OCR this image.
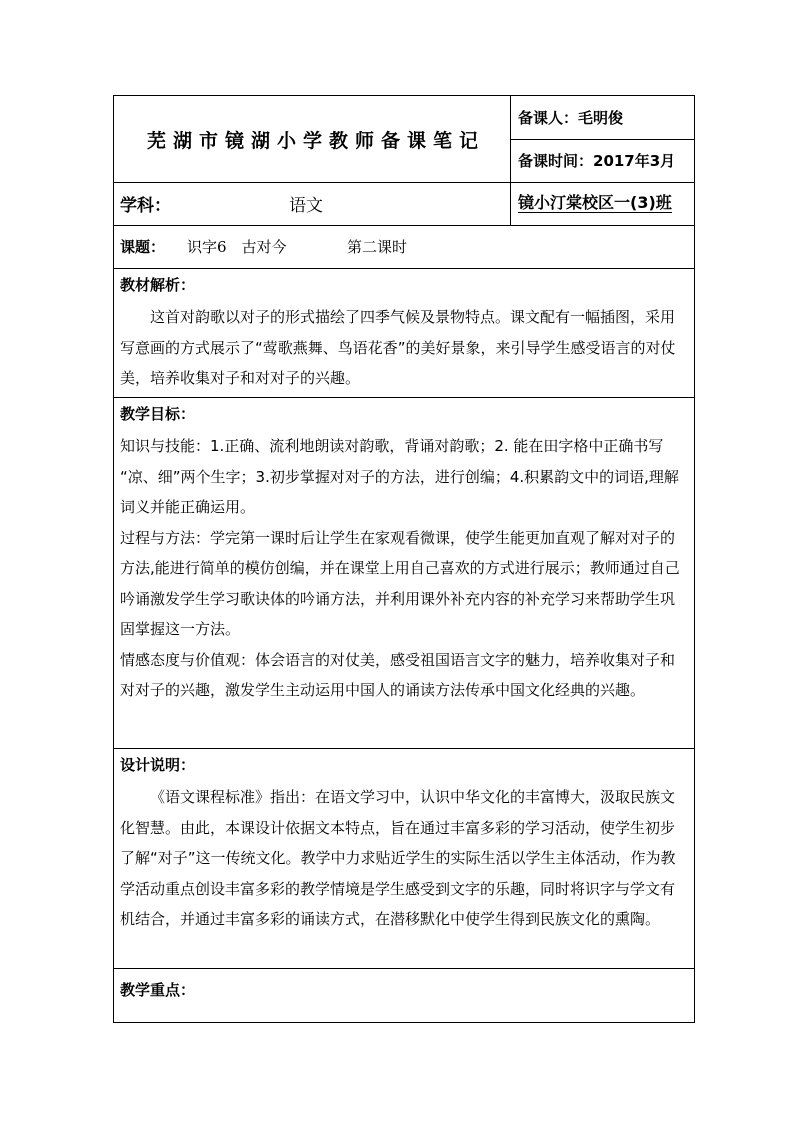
芜湖市镜湖小学教师备课笔记
备课人：毛明俊
备课时间：2017年3月
学科：	语文	镜小汀棠校区一(3)班
课题：	识字6　古对今	第二课时
教材解析：

这首对韵歌以对子的形式描绘了四季气候及景物特点。课文配有一幅插图，采用写意画的方式展示了“莺歌燕舞、鸟语花香”的美好景象，来引导学生感受语言的对仗美，培养收集对子和对对子的兴趣。

教学目标：

知识与技能：1.正确、流利地朗读对韵歌，背诵对韵歌；2. 能在田字格中正确书写 “凉、细”两个生字；3.初步掌握对对子的方法，进行创编；4.积累韵文中的词语,理解词义并能正确运用。

过程与方法：学完第一课时后让学生在家观看微课，使学生能更加直观了解对对子的方法,能进行简单的模仿创编，并在课堂上用自己喜欢的方式进行展示；教师通过自己吟诵激发学生学习歌诀体的吟诵方法，并利用课外补充内容的补充学习来帮助学生巩固掌握这一方法。

情感态度与价值观：体会语言的对仗美，感受祖国语言文字的魅力，培养收集对子和对对子的兴趣，激发学生主动运用中国人的诵读方法传承中国文化经典的兴趣。

设计说明：

《语文课程标准》指出：在语文学习中，认识中华文化的丰富博大，汲取民族文化智慧。由此，本课设计依据文本特点，旨在通过丰富多彩的学习活动，使学生初步了解“对子”这一传统文化。教学中力求贴近学生的实际生活以学生主体活动，作为教学活动重点创设丰富多彩的教学情境是学生感受到文字的乐趣，同时将识字与学文有机结合，并通过丰富多彩的诵读方式，在潜移默化中使学生得到民族文化的熏陶。

教学重点：
